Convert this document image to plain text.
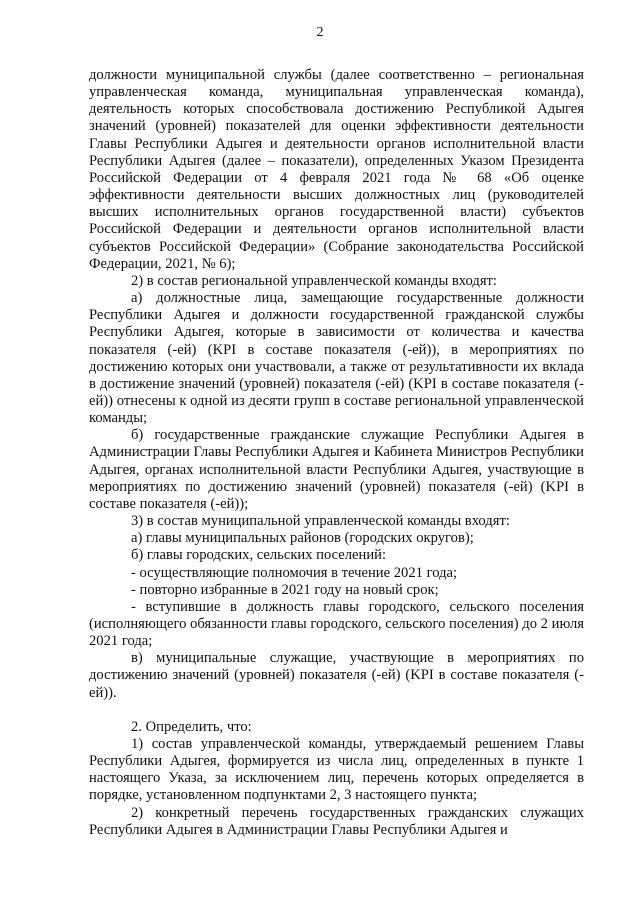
2

должности муниципальной службы (далее соответственно – региональная управленческая команда, муниципальная управленческая команда), деятельность которых способствовала достижению Республикой Адыгея значений (уровней) показателей для оценки эффективности деятельности Главы Республики Адыгея и деятельности органов исполнительной власти Республики Адыгея (далее – показатели), определенных Указом Президента Российской Федерации от 4 февраля 2021 года № 68 «Об оценке эффективности деятельности высших должностных лиц (руководителей высших исполнительных органов государственной власти) субъектов Российской Федерации и деятельности органов исполнительной власти субъектов Российской Федерации» (Собрание законодательства Российской Федерации, 2021, № 6);

2) в состав региональной управленческой команды входят:

а) должностные лица, замещающие государственные должности Республики Адыгея и должности государственной гражданской службы Республики Адыгея, которые в зависимости от количества и качества показателя (-ей) (KPI в составе показателя (-ей)), в мероприятиях по достижению которых они участвовали, а также от результативности их вклада в достижение значений (уровней) показателя (-ей) (KPI в составе показателя (-ей)) отнесены к одной из десяти групп в составе региональной управленческой команды;

б) государственные гражданские служащие Республики Адыгея в Администрации Главы Республики Адыгея и Кабинета Министров Республики Адыгея, органах исполнительной власти Республики Адыгея, участвующие в мероприятиях по достижению значений (уровней) показателя (-ей) (KPI в составе показателя (-ей));

3) в состав муниципальной управленческой команды входят:

а) главы муниципальных районов (городских округов);

б) главы городских, сельских поселений:

- осуществляющие полномочия в течение 2021 года;

- повторно избранные в 2021 году на новый срок;

- вступившие в должность главы городского, сельского поселения (исполняющего обязанности главы городского, сельского поселения) до 2 июля 2021 года;

в) муниципальные служащие, участвующие в мероприятиях по достижению значений (уровней) показателя (-ей) (KPI в составе показателя (-ей)).

2. Определить, что:

1) состав управленческой команды, утверждаемый решением Главы Республики Адыгея, формируется из числа лиц, определенных в пункте 1 настоящего Указа, за исключением лиц, перечень которых определяется в порядке, установленном подпунктами 2, 3 настоящего пункта;

2) конкретный перечень государственных гражданских служащих Республики Адыгея в Администрации Главы Республики Адыгея и
